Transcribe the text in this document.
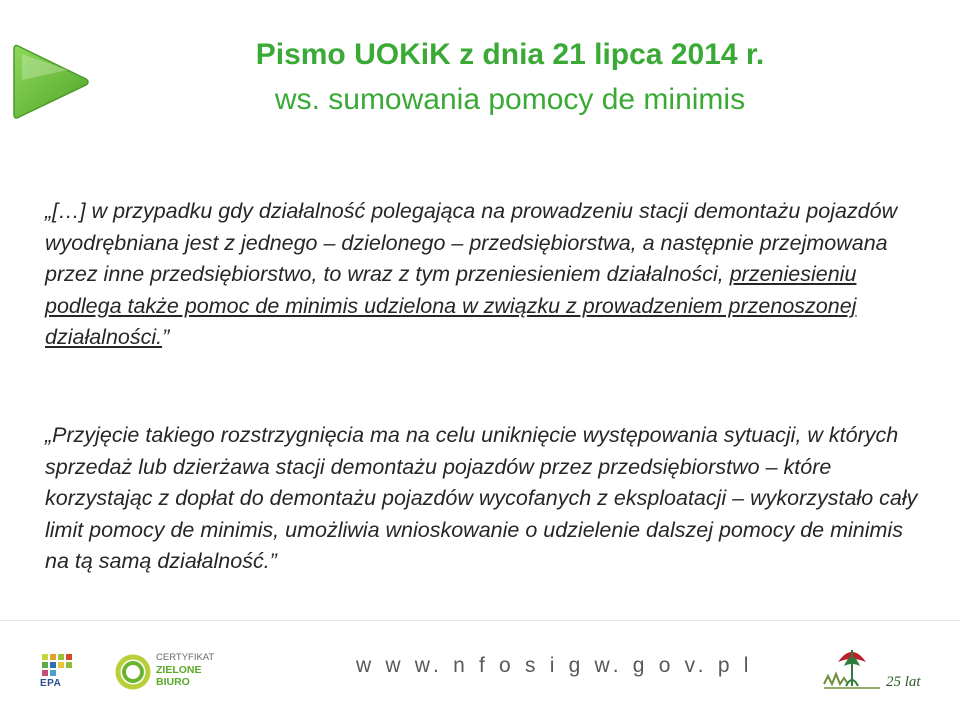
Pismo UOKiK z dnia 21 lipca 2014 r.
ws. sumowania pomocy de minimis

„[…] w przypadku gdy działalność polegająca na prowadzeniu stacji demontażu pojazdów wyodrębniana jest z jednego – dzielonego – przedsiębiorstwa, a następnie przejmowana przez inne przedsiębiorstwo, to wraz z tym przeniesieniem działalności, przeniesieniu podlega także pomoc de minimis udzielona w związku z prowadzeniem przenoszonej działalności.”

„Przyjęcie takiego rozstrzygnięcia ma na celu uniknięcie występowania sytuacji, w których sprzedaż lub dzierżawa stacji demontażu pojazdów przez przedsiębiorstwo – które korzystając z dopłat do demontażu pojazdów wycofanych z eksploatacji – wykorzystało cały limit pomocy de minimis, umożliwia wnioskowanie o udzielenie dalszej pomocy de minimis na tą samą działalność.”

EPA
CERTYFIKAT
ZIELONE
BIURO
w w w. n f o s i g w. g o v. p l
25 lat
